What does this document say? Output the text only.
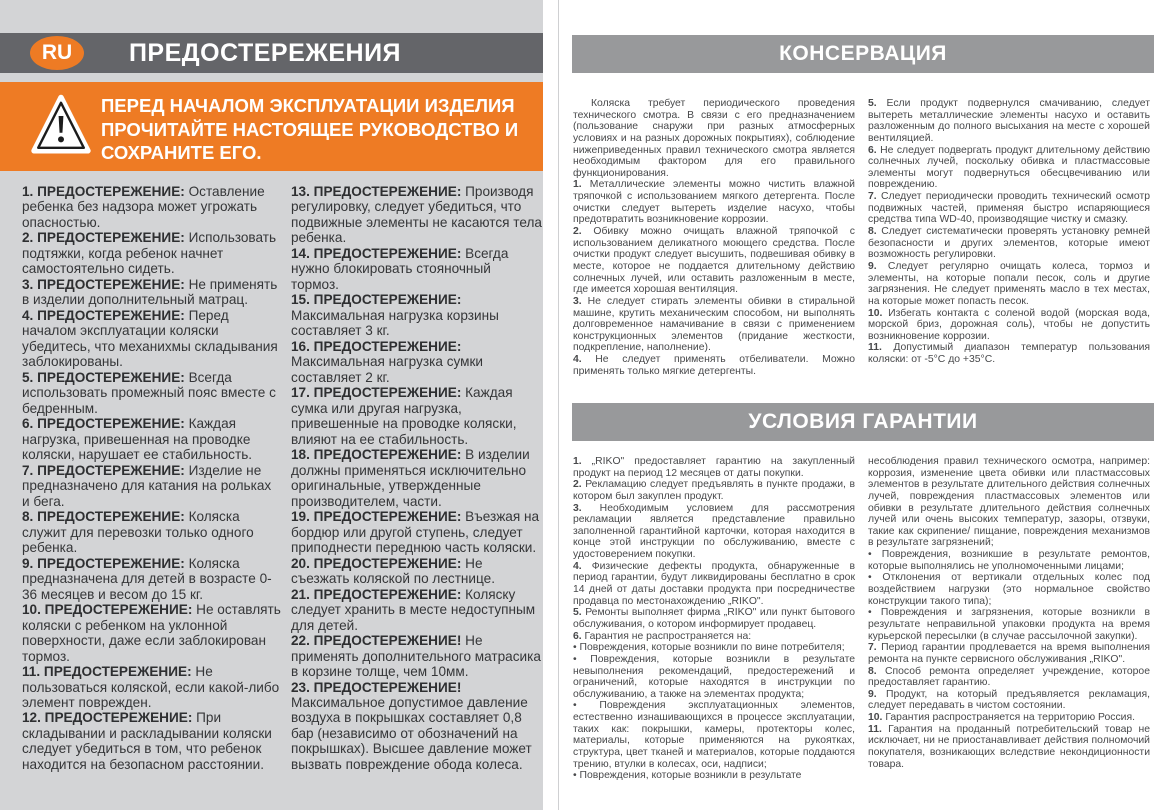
RU	ПРЕДОСТЕРЕЖЕНИЯ
ПЕРЕД НАЧАЛОМ ЭКСПЛУАТАЦИИ ИЗДЕЛИЯ ПРОЧИТАЙТЕ НАСТОЯЩЕЕ РУКОВОДСТВО И СОХРАНИТЕ ЕГО.

1. ПРЕДОСТЕРЕЖЕНИЕ: Оставление ребенка без надзора может угрожать опасностью.

2. ПРЕДОСТЕРЕЖЕНИЕ: Использовать подтяжки, когда ребенок начнет самостоятельно сидеть.

3. ПРЕДОСТЕРЕЖЕНИЕ: Не применять в изделии дополнительный матрац.

4. ПРЕДОСТЕРЕЖЕНИЕ: Перед началом эксплуатации коляски убедитесь, что механихмы складывания заблокированы.

5. ПРЕДОСТЕРЕЖЕНИЕ: Всегда использовать промежный пояс вместе с бедренным.

6. ПРЕДОСТЕРЕЖЕНИЕ: Каждая нагрузка, привешенная на проводке коляски, нарушает ее стабильность.

7. ПРЕДОСТЕРЕЖЕНИЕ: Изделие не предназначено для катания на рольках и бега.

8. ПРЕДОСТЕРЕЖЕНИЕ: Коляска служит для перевозки только одного ребенка.

9. ПРЕДОСТЕРЕЖЕНИЕ: Коляска предназначена для детей в возрасте 0-36 месяцев и весом до 15 кг.

10. ПРЕДОСТЕРЕЖЕНИЕ: Не оставлять коляски с ребенком на уклонной поверхности, даже если заблокирован тормоз.

11. ПРЕДОСТЕРЕЖЕНИЕ: Не пользоваться коляской, если какой-либо элемент поврежден.

12. ПРЕДОСТЕРЕЖЕНИЕ: При складывании и раскладывании коляски следует убедиться в том, что ребенок находится на безопасном расстоянии.

13. ПРЕДОСТЕРЕЖЕНИЕ: Производя регулировку, следует убедиться, что подвижные элементы не касаются тела ребенка.

14. ПРЕДОСТЕРЕЖЕНИЕ: Всегда нужно блокировать стояночный тормоз.

15. ПРЕДОСТЕРЕЖЕНИЕ: Максимальная нагрузка корзины составляет 3 кг.

16. ПРЕДОСТЕРЕЖЕНИЕ: Максимальная нагрузка сумки составляет 2 кг.

17. ПРЕДОСТЕРЕЖЕНИЕ: Каждая сумка или другая нагрузка, привешенные на проводке коляски, влияют на ее стабильность.

18. ПРЕДОСТЕРЕЖЕНИЕ: В изделии должны применяться исключительно оригинальные, утвержденные производителем, части.

19. ПРЕДОСТЕРЕЖЕНИЕ: Въезжая на бордюр или другой ступень, следует приподнести переднюю часть коляски.

20. ПРЕДОСТЕРЕЖЕНИЕ: Не съезжать коляской по лестнице.

21. ПРЕДОСТЕРЕЖЕНИЕ: Коляску следует хранить в месте недоступным для детей.

22. ПРЕДОСТЕРЕЖЕНИЕ! Не применять дополнительного матрасика в корзине толще, чем 10мм.

23. ПРЕДОСТЕРЕЖЕНИЕ! Максимальное допустимое давление воздуха в покрышках составляет 0,8 бар (независимо от обозначений на покрышках). Высшее давление может вызвать повреждение обода колеса.

КОНСЕРВАЦИЯ

Коляска требует периодического проведения технического смотра. В связи с его предназначением (пользование снаружи при разных атмосферных условиях и на разных дорожных покрытиях), соблюдение нижеприведенных правил технического смотра является необходимым фактором для его правильного функционирования.

1. Металлические элементы можно чистить влажной тряпочкой с использованием мягкого детергента. После очистки следует вытереть изделие насухо, чтобы предотвратить возникновение коррозии.

2. Обивку можно очищать влажной тряпочкой с использованием деликатного моющего средства. После очистки продукт следует высушить, подвешивая обивку в месте, которое не поддается длительному действию солнечных лучей, или оставить разложенным в месте, где имеется хорошая вентиляция.

3. Не следует стирать элементы обивки в стиральной машине, крутить механическим способом, ни выполнять долговременное намачивание в связи с применением конструкционных элементов (придание жесткости, подкрепление, наполнение).

4. Не следует применять отбеливатели. Можно применять только мягкие детергенты.

5. Если продукт подвернулся смачиванию, следует вытереть металлические элементы насухо и оставить разложенным до полного высыхания на месте с хорошей вентиляцией.

6. Не следует подвергать продукт длительному действию солнечных лучей, поскольку обивка и пластмассовые элементы могут подвернуться обесцвечиванию или повреждению.

7. Следует периодически проводить технический осмотр подвижных частей, применяя быстро испаряющиеся средства типа WD-40, производящие чистку и смазку.

8. Следует систематически проверять установку ремней безопасности и других элементов, которые имеют возможность регулировки.

9. Следует регулярно очищать колеса, тормоз и элементы, на которые попали песок, соль и другие загрязнения. Не следует применять масло в тех местах, на которые может попасть песок.

10. Избегать контакта с соленой водой (морская вода, морской бриз, дорожная соль), чтобы не допустить возникновение коррозии.

11. Допустимый диапазон температур пользования коляски: от -5°C до +35°C.

УСЛОВИЯ ГАРАНТИИ

1. „RIKO" предоставляет гарантию на закупленный продукт на период 12 месяцев от даты покупки.

2. Рекламацию следует предъявлять в пункте продажи, в котором был закуплен продукт.

3. Необходимым условием для рассмотрения рекламации является представление правильно заполненной гарантийной карточки, которая находится в конце этой инструкции по обслуживанию, вместе с удостоверением покупки.

4. Физические дефекты продукта, обнаруженные в период гарантии, будут ликвидированы бесплатно в срок 14 дней от даты доставки продукта при посредничестве продавца по местонахождению „RIKO".

5. Ремонты выполняет фирма „RIKO" или пункт бытового обслуживания, о котором информирует продавец.

6. Гарантия не распространяется на:

• Повреждения, которые возникли по вине потребителя;

• Повреждения, которые возникли в результате невыполнения рекомендаций, предостережений и ограничений, которые находятся в инструкции по обслуживанию, а также на элементах продукта;

• Повреждения эксплуатационных элементов, естественно изнашивающихся в процессе эксплуатации, таких как: покрышки, камеры, протекторы колес, материалы, которые применяются на рукоятках, структура, цвет тканей и материалов, которые поддаются трению, втулки в колесах, оси, надписи;

• Повреждения, которые возникли в результате

несоблюдения правил технического осмотра, например: коррозия, изменение цвета обивки или пластмассовых элементов в результате длительного действия солнечных лучей, повреждения пластмассовых элементов или обивки в результате длительного действия солнечных лучей или очень высоких температур, зазоры, отзвуки, такие как скрипение/ пищание, повреждения механизмов в результате загрязнений;

• Повреждения, возникшие в результате ремонтов, которые выполнялись не уполномоченными лицами;

• Отклонения от вертикали отдельных колес под воздействием нагрузки (это нормальное свойство конструкции такого типа);

• Повреждения и загрязнения, которые возникли в результате неправильной упаковки продукта на время курьерской пересылки (в случае рассылочной закупки).

7. Период гарантии продлевается на время выполнения ремонта на пункте сервисного обслуживания „RIKO".

8. Способ ремонта определяет учреждение, которое предоставляет гарантию.

9. Продукт, на который предъявляется рекламация, следует передавать в чистом состоянии.

10. Гарантия распространяется на территорию Россия.

11. Гарантия на проданный потребительский товар не исключает, ни не приостанавливает действия полномочий покупателя, возникающих вследствие некондиционности товара.
